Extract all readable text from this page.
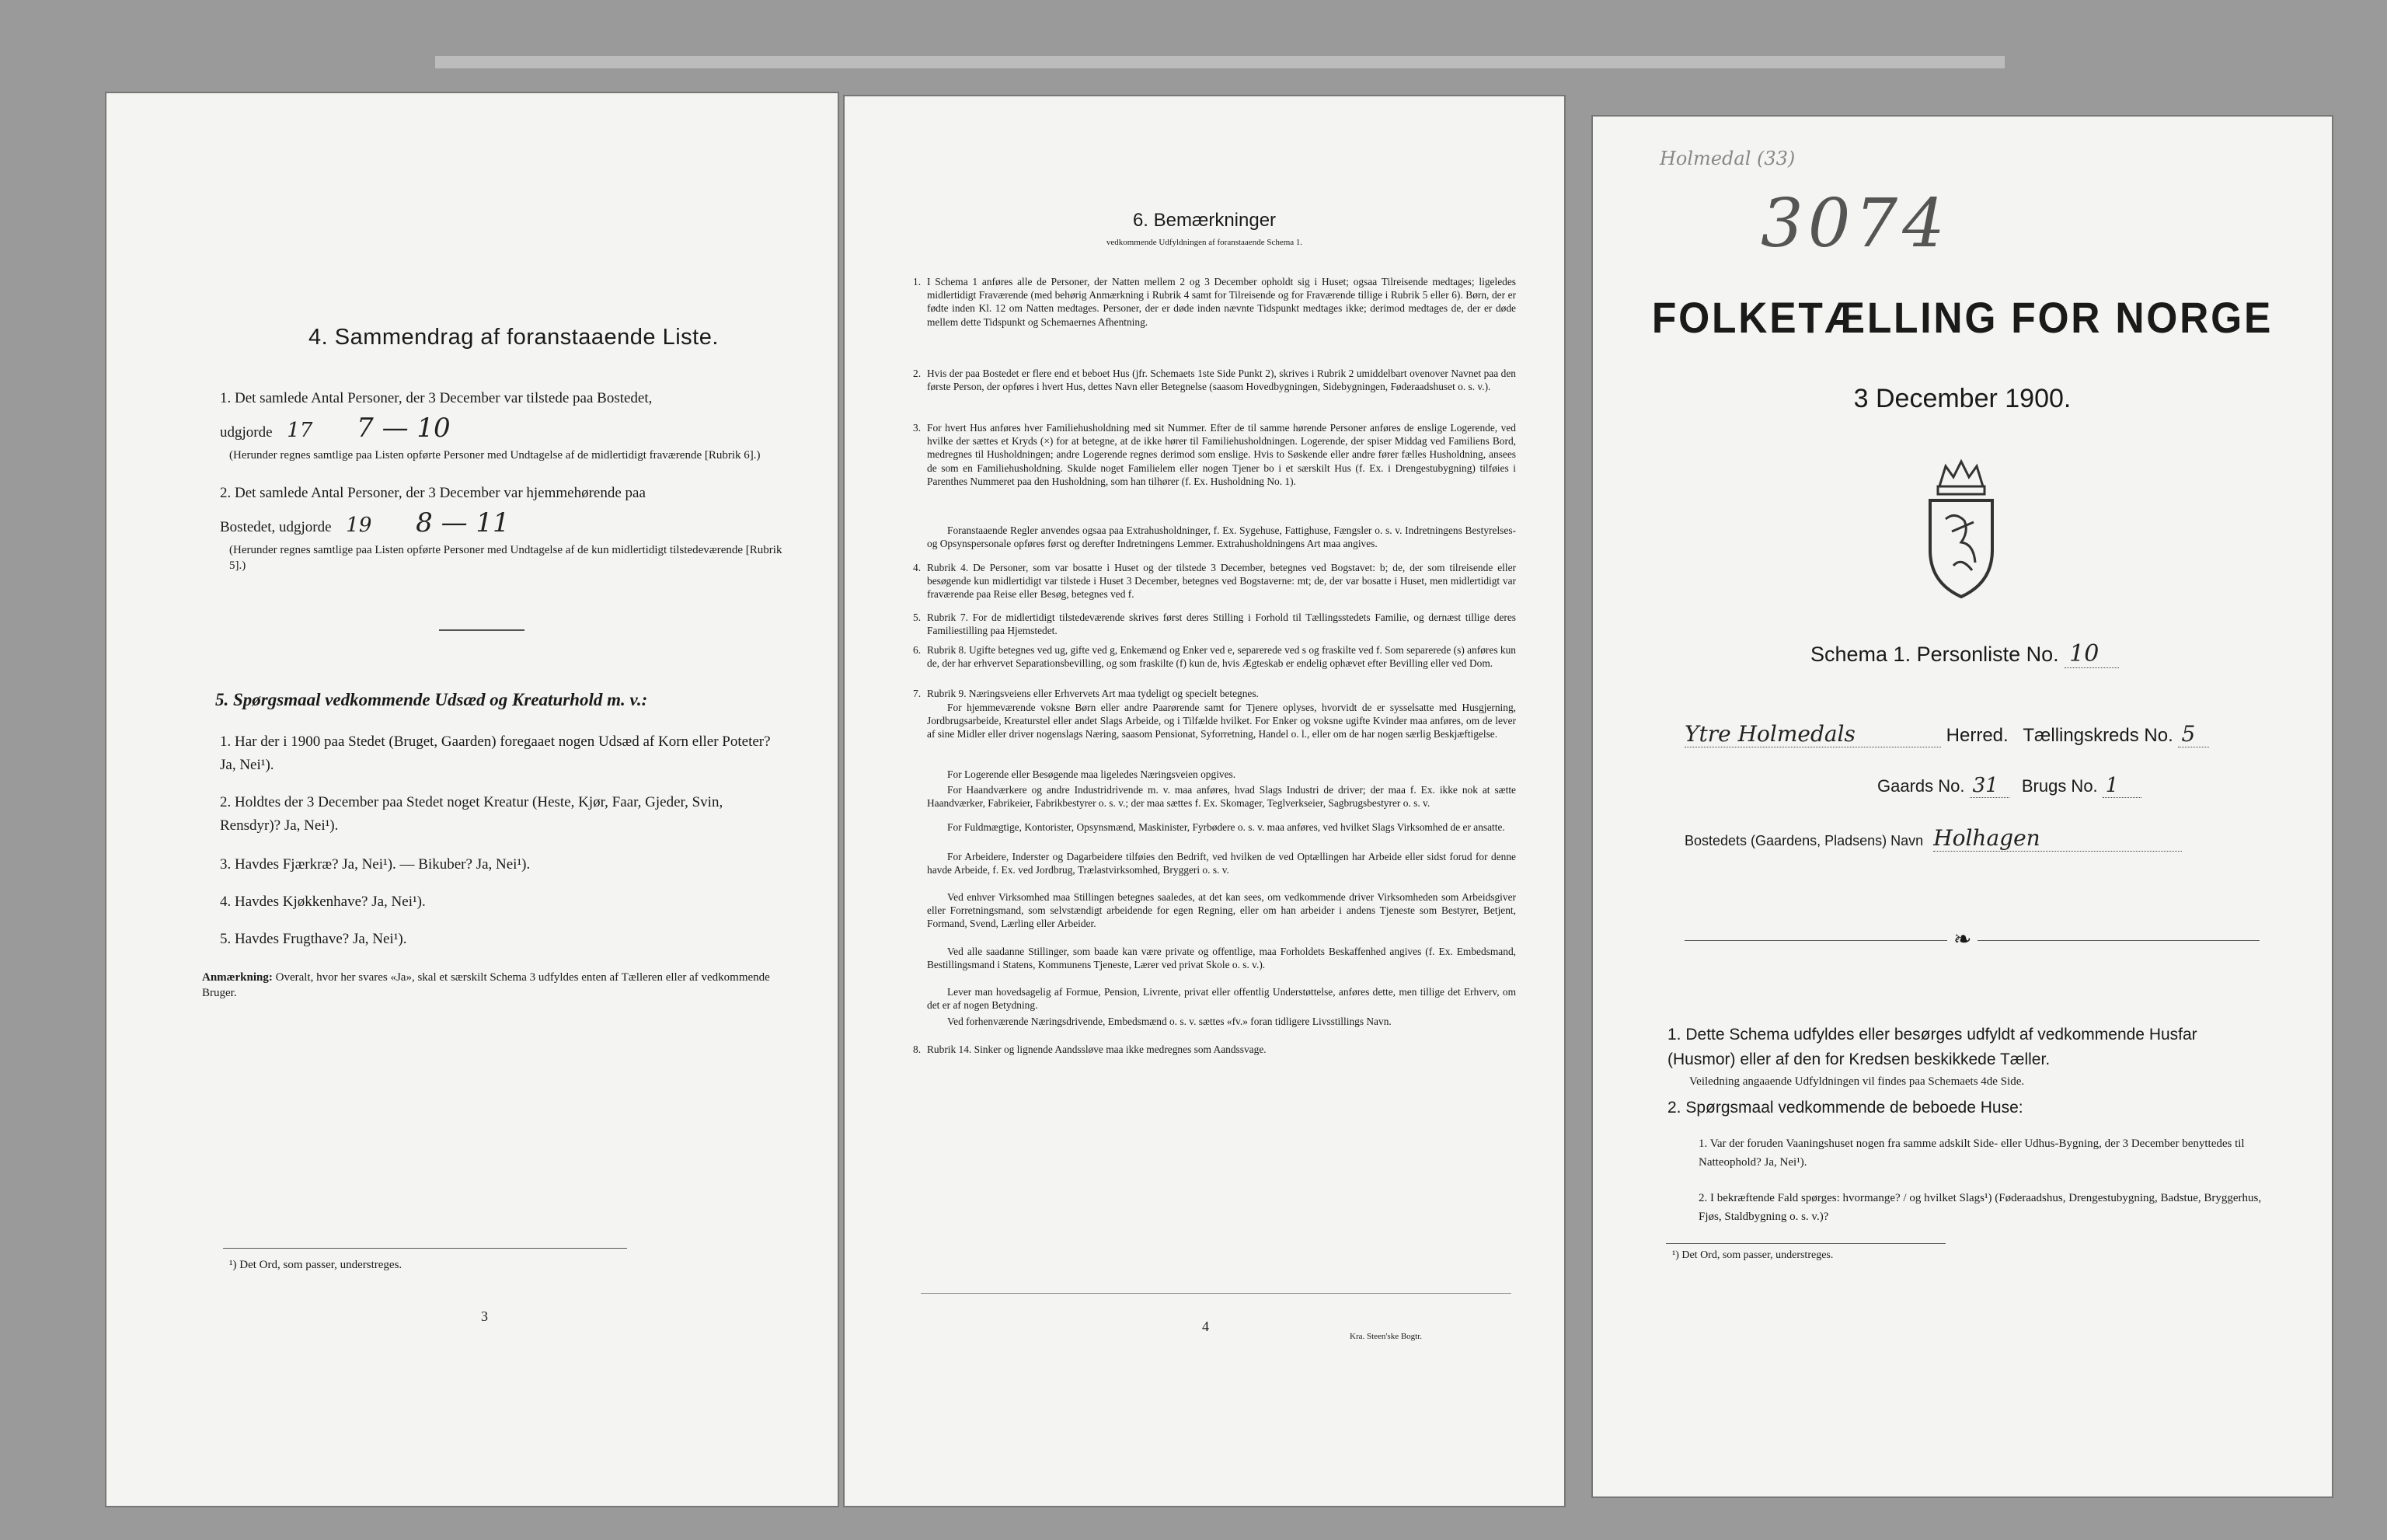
4. Sammendrag af foranstaaende Liste.
1. Det samlede Antal Personer, der 3 December var tilstede paa Bostedet,
udgjorde 17 7 — 10
(Herunder regnes samtlige paa Listen opførte Personer med Undtagelse af de midlertidigt fraværende [Rubrik 6].)
2. Det samlede Antal Personer, der 3 December var hjemmehørende paa
Bostedet, udgjorde 19 8 — 11
(Herunder regnes samtlige paa Listen opførte Personer med Undtagelse af de kun midlertidigt tilstedeværende [Rubrik 5].)
5. Spørgsmaal vedkommende Udsæd og Kreaturhold m. v.:
1. Har der i 1900 paa Stedet (Bruget, Gaarden) foregaaet nogen Udsæd af Korn eller Poteter? Ja, Nei¹).
2. Holdtes der 3 December paa Stedet noget Kreatur (Heste, Kjør, Faar, Gjeder, Svin, Rensdyr)? Ja, Nei¹).
3. Havdes Fjærkræ? Ja, Nei¹). — Bikuber? Ja, Nei¹).
4. Havdes Kjøkkenhave? Ja, Nei¹).
5. Havdes Frugthave? Ja, Nei¹).
Anmærkning: Overalt, hvor her svares «Ja», skal et særskilt Schema 3 udfyldes enten af Tælleren eller af vedkommende Bruger.
¹) Det Ord, som passer, understreges.
3
6. Bemærkninger
vedkommende Udfyldningen af foranstaaende Schema 1.
1. I Schema 1 anføres alle de Personer, der Natten mellem 2 og 3 December opholdt sig i Huset; ogsaa Tilreisende medtages; ligeledes midlertidigt Fraværende (med behørig Anmærkning i Rubrik 4 samt for Tilreisende og for Fraværende tillige i Rubrik 5 eller 6). Børn, der er fødte inden Kl. 12 om Natten medtages. Personer, der er døde inden nævnte Tidspunkt medtages ikke; derimod medtages de, der er døde mellem dette Tidspunkt og Schemaernes Afhentning.
2. Hvis der paa Bostedet er flere end et beboet Hus (jfr. Schemaets 1ste Side Punkt 2), skrives i Rubrik 2 umiddelbart ovenover Navnet paa den første Person, der opføres i hvert Hus, dettes Navn eller Betegnelse (saasom Hovedbygningen, Sidebygningen, Føderaadshuset o. s. v.).
3. For hvert Hus anføres hver Familiehusholdning med sit Nummer. Efter de til samme hørende Personer anføres de enslige Logerende, ved hvilke der sættes et Kryds (×) for at betegne, at de ikke hører til Familiehusholdningen. Logerende, der spiser Middag ved Familiens Bord, medregnes til Husholdningen; andre Logerende regnes derimod som enslige. Hvis to Søskende eller andre fører fælles Husholdning, ansees de som en Familiehusholdning. Skulde noget Familielem eller nogen Tjener bo i et særskilt Hus (f. Ex. i Drengestubygning) tilføies i Parenthes Nummeret paa den Husholdning, som han tilhører (f. Ex. Husholdning No. 1).
Foranstaaende Regler anvendes ogsaa paa Extrahusholdninger, f. Ex. Sygehuse, Fattighuse, Fængsler o. s. v. Indretningens Bestyrelses- og Opsynspersonale opføres først og derefter Indretningens Lemmer. Extrahusholdningens Art maa angives.
4. Rubrik 4. De Personer, som var bosatte i Huset og der tilstede 3 December, betegnes ved Bogstavet: b; de, der som tilreisende eller besøgende kun midlertidigt var tilstede i Huset 3 December, betegnes ved Bogstaverne: mt; de, der var bosatte i Huset, men midlertidigt var fraværende paa Reise eller Besøg, betegnes ved f.
5. Rubrik 7. For de midlertidigt tilstedeværende skrives først deres Stilling i Forhold til Tællingsstedets Familie, og dernæst tillige deres Familiestilling paa Hjemstedet.
6. Rubrik 8. Ugifte betegnes ved ug, gifte ved g, Enkemænd og Enker ved e, separerede ved s og fraskilte ved f. Som separerede (s) anføres kun de, der har erhvervet Separationsbevilling, og som fraskilte (f) kun de, hvis Ægteskab er endelig ophævet efter Bevilling eller ved Dom.
7. Rubrik 9. Næringsveiens eller Erhvervets Art maa tydeligt og specielt betegnes.
For hjemmeværende voksne Børn eller andre Paarørende samt for Tjenere oplyses, hvorvidt de er sysselsatte med Husgjerning, Jordbrugsarbeide, Kreaturstel eller andet Slags Arbeide, og i Tilfælde hvilket. For Enker og voksne ugifte Kvinder maa anføres, om de lever af sine Midler eller driver nogenslags Næring, saasom Pensionat, Syforretning, Handel o. l., eller om de har nogen særlig Beskjæftigelse.
For Logerende eller Besøgende maa ligeledes Næringsveien opgives.
For Haandværkere og andre Industridrivende m. v. maa anføres, hvad Slags Industri de driver; der maa f. Ex. ikke nok at sætte Haandværker, Fabrikeier, Fabrikbestyrer o. s. v.; der maa sættes f. Ex. Skomager, Teglverkseier, Sagbrugsbestyrer o. s. v.
For Fuldmægtige, Kontorister, Opsynsmænd, Maskinister, Fyrbødere o. s. v. maa anføres, ved hvilket Slags Virksomhed de er ansatte.
For Arbeidere, Inderster og Dagarbeidere tilføies den Bedrift, ved hvilken de ved Optællingen har Arbeide eller sidst forud for denne havde Arbeide, f. Ex. ved Jordbrug, Trælastvirksomhed, Bryggeri o. s. v.
Ved enhver Virksomhed maa Stillingen betegnes saaledes, at det kan sees, om vedkommende driver Virksomheden som Arbeidsgiver eller Forretningsmand, som selvstændigt arbeidende for egen Regning, eller om han arbeider i andens Tjeneste som Bestyrer, Betjent, Formand, Svend, Lærling eller Arbeider.
Ved alle saadanne Stillinger, som baade kan være private og offentlige, maa Forholdets Beskaffenhed angives (f. Ex. Embedsmand, Bestillingsmand i Statens, Kommunens Tjeneste, Lærer ved privat Skole o. s. v.).
Lever man hovedsagelig af Formue, Pension, Livrente, privat eller offentlig Understøttelse, anføres dette, men tillige det Erhverv, om det er af nogen Betydning.
Ved forhenværende Næringsdrivende, Embedsmænd o. s. v. sættes «fv.» foran tidligere Livsstillings Navn.
8. Rubrik 14. Sinker og lignende Aandssløve maa ikke medregnes som Aandssvage.
4
Kra. Steen'ske Bogtr.
Holmedal (33)
3074
FOLKETÆLLING FOR NORGE
3 December 1900.
Schema 1. Personliste No. 10
Ytre Holmedals	Herred. Tællingskreds No. 5
Gaards No. 31 Brugs No. 1
Bostedets (Gaardens, Pladsens) Navn Holhagen
❧
1. Dette Schema udfyldes eller besørges udfyldt af vedkommende Husfar (Husmor) eller af den for Kredsen beskikkede Tæller.
Veiledning angaaende Udfyldningen vil findes paa Schemaets 4de Side.
2. Spørgsmaal vedkommende de beboede Huse:
1. Var der foruden Vaaningshuset nogen fra samme adskilt Side- eller Udhus-Bygning, der 3 December benyttedes til Natteophold? Ja, Nei¹).
2. I bekræftende Fald spørges: hvormange? / og hvilket Slags¹) (Føderaadshus, Drengestubygning, Badstue, Bryggerhus, Fjøs, Staldbygning o. s. v.)?
¹) Det Ord, som passer, understreges.
